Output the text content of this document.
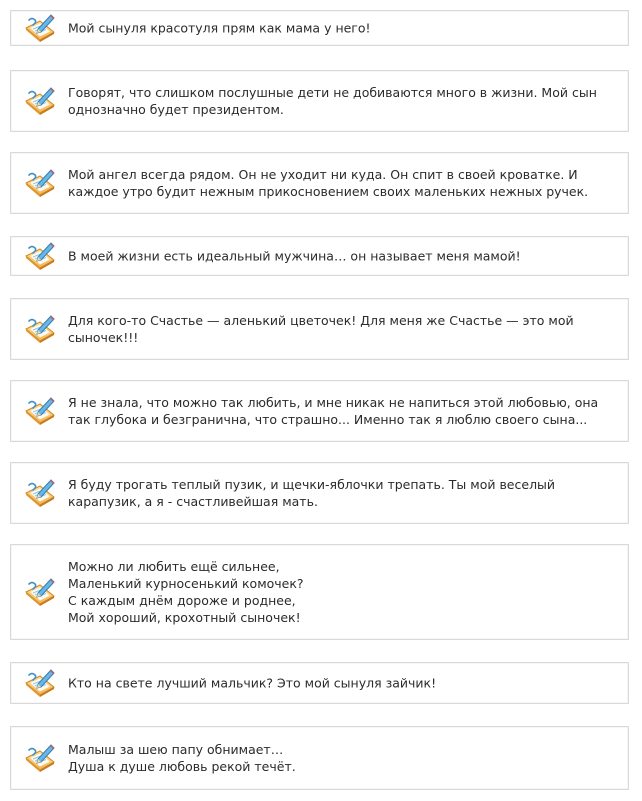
Мой сынуля красотуля прям как мама у него!
Говорят, что слишком послушные дети не добиваются много в жизни. Мой сын
однозначно будет президентом.
Мой ангел всегда рядом. Он не уходит ни куда. Он спит в своей кроватке. И
каждое утро будит нежным прикосновением своих маленьких нежных ручек.
В моей жизни есть идеальный мужчина… он называет меня мамой!
Для кого-то Счастье — аленький цветочек! Для меня же Счастье — это мой
сыночек!!!
Я не знала, что можно так любить, и мне никак не напиться этой любовью, она
так глубока и безгранична, что страшно... Именно так я люблю своего сына...
Я буду трогать теплый пузик, и щечки-яблочки трепать. Ты мой веселый
карапузик, а я - счастливейшая мать.
Можно ли любить ещё сильнее,
Маленький курносенький комочек?
С каждым днём дороже и роднее,
Мой хороший, крохотный сыночек!
Кто на свете лучший мальчик? Это мой сынуля зайчик!
Малыш за шею папу обнимает…
Душа к душе любовь рекой течёт.
